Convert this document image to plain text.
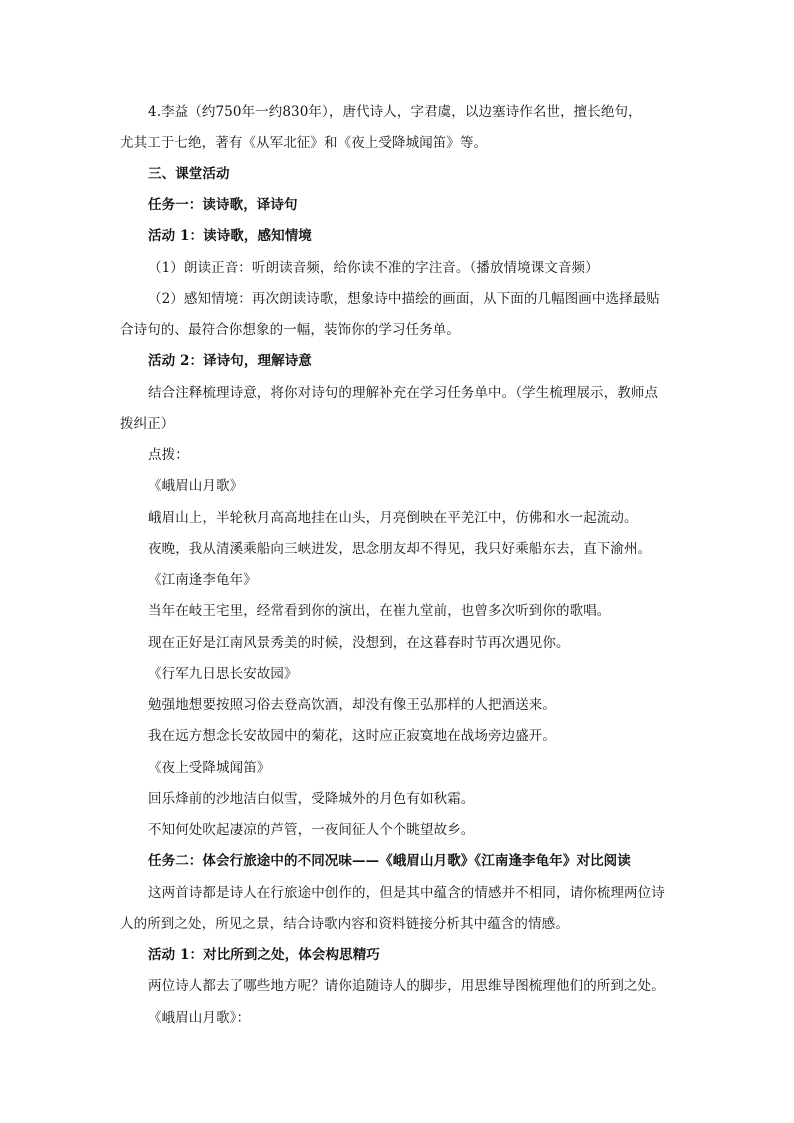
4.李益（约750年一约830年），唐代诗人，字君虞，以边塞诗作名世，擅长绝句，
尤其工于七绝，著有《从军北征》和《夜上受降城闻笛》等。
三、课堂活动
任务一：读诗歌，译诗句
活动 1：读诗歌，感知情境
（1）朗读正音：听朗读音频，给你读不准的字注音。（播放情境课文音频）
（2）感知情境：再次朗读诗歌，想象诗中描绘的画面，从下面的几幅图画中选择最贴
合诗句的、最符合你想象的一幅，装饰你的学习任务单。
活动 2：译诗句，理解诗意
结合注释梳理诗意，将你对诗句的理解补充在学习任务单中。（学生梳理展示，教师点
拨纠正）
点拨：
《峨眉山月歌》
峨眉山上，半轮秋月高高地挂在山头，月亮倒映在平羌江中，仿佛和水一起流动。
夜晚，我从清溪乘船向三峡进发，思念朋友却不得见，我只好乘船东去，直下渝州。
《江南逢李龟年》
当年在岐王宅里，经常看到你的演出，在崔九堂前，也曾多次听到你的歌唱。
现在正好是江南风景秀美的时候，没想到，在这暮春时节再次遇见你。
《行军九日思长安故园》
勉强地想要按照习俗去登高饮酒，却没有像王弘那样的人把酒送来。
我在远方想念长安故园中的菊花，这时应正寂寞地在战场旁边盛开。
《夜上受降城闻笛》
回乐烽前的沙地洁白似雪，受降城外的月色有如秋霜。
不知何处吹起凄凉的芦管，一夜间征人个个眺望故乡。
任务二：体会行旅途中的不同况味——《峨眉山月歌》《江南逢李龟年》对比阅读
这两首诗都是诗人在行旅途中创作的，但是其中蕴含的情感并不相同，请你梳理两位诗
人的所到之处，所见之景，结合诗歌内容和资料链接分析其中蕴含的情感。
活动 1：对比所到之处，体会构思精巧
两位诗人都去了哪些地方呢？请你追随诗人的脚步，用思维导图梳理他们的所到之处。
《峨眉山月歌》：
